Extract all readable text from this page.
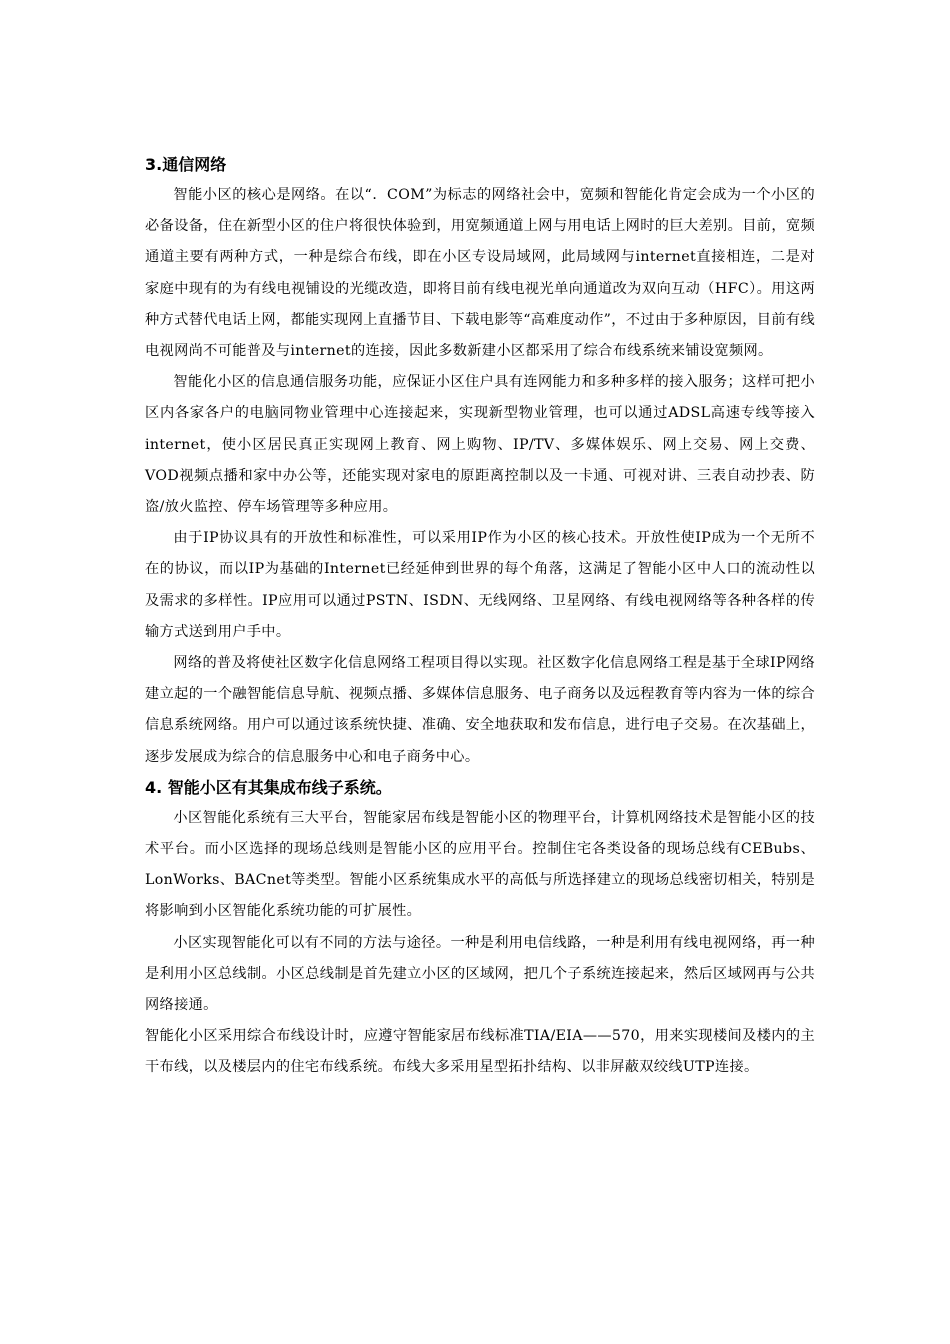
3.通信网络

智能小区的核心是网络。在以“．COM”为标志的网络社会中，宽频和智能化肯定会成为一个小区的必备设备，住在新型小区的住户将很快体验到，用宽频通道上网与用电话上网时的巨大差别。目前，宽频通道主要有两种方式，一种是综合布线，即在小区专设局域网，此局域网与internet直接相连，二是对家庭中现有的为有线电视铺设的光缆改造，即将目前有线电视光单向通道改为双向互动（HFC）。用这两种方式替代电话上网，都能实现网上直播节目、下载电影等“高难度动作”，不过由于多种原因，目前有线电视网尚不可能普及与internet的连接，因此多数新建小区都采用了综合布线系统来铺设宽频网。

智能化小区的信息通信服务功能，应保证小区住户具有连网能力和多种多样的接入服务；这样可把小区内各家各户的电脑同物业管理中心连接起来，实现新型物业管理，也可以通过ADSL高速专线等接入internet，使小区居民真正实现网上教育、网上购物、IP/TV、多媒体娱乐、网上交易、网上交费、VOD视频点播和家中办公等，还能实现对家电的原距离控制以及一卡通、可视对讲、三表自动抄表、防盗/放火监控、停车场管理等多种应用。

由于IP协议具有的开放性和标准性，可以采用IP作为小区的核心技术。开放性使IP成为一个无所不在的协议，而以IP为基础的Internet已经延伸到世界的每个角落，这满足了智能小区中人口的流动性以及需求的多样性。IP应用可以通过PSTN、ISDN、无线网络、卫星网络、有线电视网络等各种各样的传输方式送到用户手中。

网络的普及将使社区数字化信息网络工程项目得以实现。社区数字化信息网络工程是基于全球IP网络建立起的一个融智能信息导航、视频点播、多媒体信息服务、电子商务以及远程教育等内容为一体的综合信息系统网络。用户可以通过该系统快捷、准确、安全地获取和发布信息，进行电子交易。在次基础上，逐步发展成为综合的信息服务中心和电子商务中心。

4. 智能小区有其集成布线子系统。

小区智能化系统有三大平台，智能家居布线是智能小区的物理平台，计算机网络技术是智能小区的技术平台。而小区选择的现场总线则是智能小区的应用平台。控制住宅各类设备的现场总线有CEBubs、LonWorks、BACnet等类型。智能小区系统集成水平的高低与所选择建立的现场总线密切相关，特别是将影响到小区智能化系统功能的可扩展性。

小区实现智能化可以有不同的方法与途径。一种是利用电信线路，一种是利用有线电视网络，再一种是利用小区总线制。小区总线制是首先建立小区的区域网，把几个子系统连接起来，然后区域网再与公共网络接通。

智能化小区采用综合布线设计时，应遵守智能家居布线标准TIA/EIA——570，用来实现楼间及楼内的主干布线，以及楼层内的住宅布线系统。布线大多采用星型拓扑结构、以非屏蔽双绞线UTP连接。
